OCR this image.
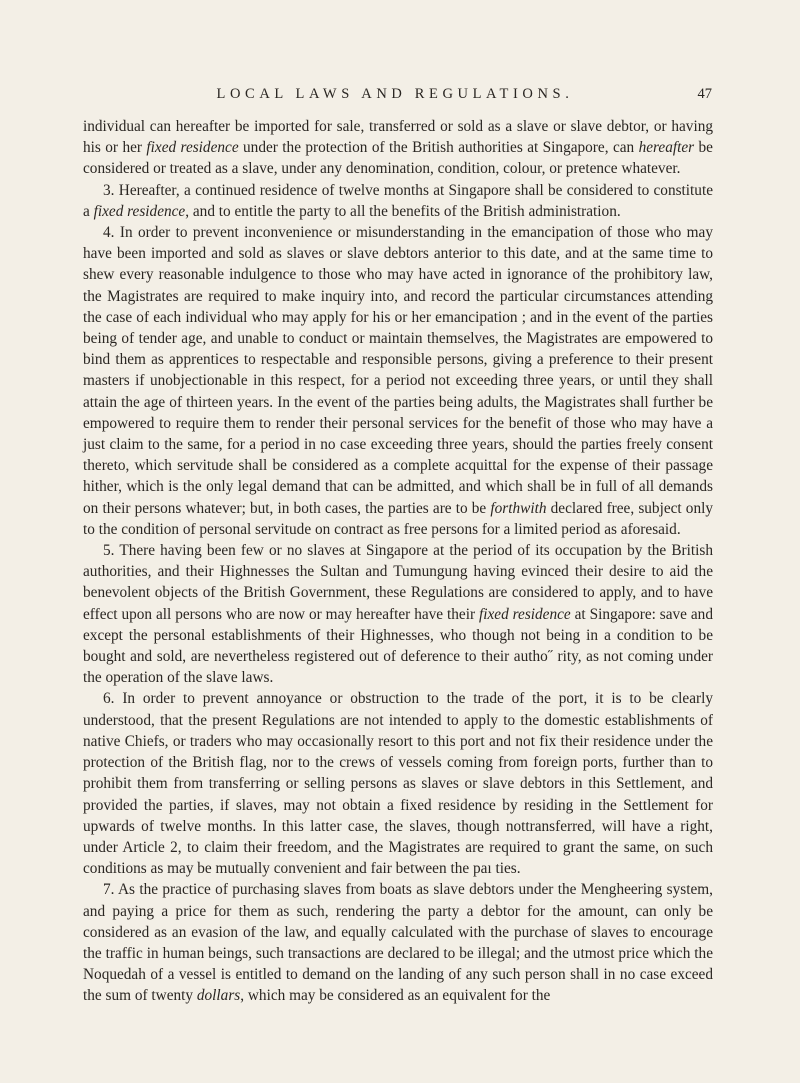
LOCAL LAWS AND REGULATIONS.	47

individual can hereafter be imported for sale, transferred or sold as a slave or slave debtor, or having his or her fixed residence under the protection of the British authorities at Singapore, can hereafter be considered or treated as a slave, under any denomination, condition, colour, or pretence whatever.

3. Hereafter, a continued residence of twelve months at Singapore shall be considered to constitute a fixed residence, and to entitle the party to all the benefits of the British administration.

4. In order to prevent inconvenience or misunderstanding in the emancipation of those who may have been imported and sold as slaves or slave debtors anterior to this date, and at the same time to shew every reasonable indulgence to those who may have acted in ignorance of the prohibitory law, the Magistrates are required to make inquiry into, and record the particular circumstances attending the case of each individual who may apply for his or her emancipation ; and in the event of the parties being of tender age, and unable to conduct or maintain themselves, the Magistrates are empowered to bind them as apprentices to respectable and responsible persons, giving a preference to their present masters if unobjectionable in this respect, for a period not exceeding three years, or until they shall attain the age of thirteen years. In the event of the parties being adults, the Magistrates shall further be empowered to require them to render their personal services for the benefit of those who may have a just claim to the same, for a period in no case exceeding three years, should the parties freely consent thereto, which servitude shall be considered as a complete acquittal for the expense of their passage hither, which is the only legal demand that can be admitted, and which shall be in full of all demands on their persons whatever; but, in both cases, the parties are to be forthwith declared free, subject only to the condition of personal servitude on contract as free persons for a limited period as aforesaid.

5. There having been few or no slaves at Singapore at the period of its occupation by the British authorities, and their Highnesses the Sultan and Tumungung having evinced their desire to aid the benevolent objects of the British Government, these Regulations are considered to apply, and to have effect upon all persons who are now or may hereafter have their fixed residence at Singapore: save and except the personal establishments of their Highnesses, who though not being in a condition to be bought and sold, are nevertheless registered out of deference to their autho˝ rity, as not coming under the operation of the slave laws.

6. In order to prevent annoyance or obstruction to the trade of the port, it is to be clearly understood, that the present Regulations are not intended to apply to the domestic establishments of native Chiefs, or traders who may occasionally resort to this port and not fix their residence under the protection of the British flag, nor to the crews of vessels coming from foreign ports, further than to prohibit them from transferring or selling persons as slaves or slave debtors in this Settlement, and provided the parties, if slaves, may not obtain a fixed residence by residing in the Settlement for upwards of twelve months. In this latter case, the slaves, though nottransferred, will have a right, under Article 2, to claim their freedom, and the Magistrates are required to grant the same, on such conditions as may be mutually convenient and fair between the paı ties.

7. As the practice of purchasing slaves from boats as slave debtors under the Mengheering system, and paying a price for them as such, rendering the party a debtor for the amount, can only be considered as an evasion of the law, and equally calculated with the purchase of slaves to encourage the traffic in human beings, such transactions are declared to be illegal; and the utmost price which the Noquedah of a vessel is entitled to demand on the landing of any such person shall in no case exceed the sum of twenty dollars, which may be considered as an equivalent for the
